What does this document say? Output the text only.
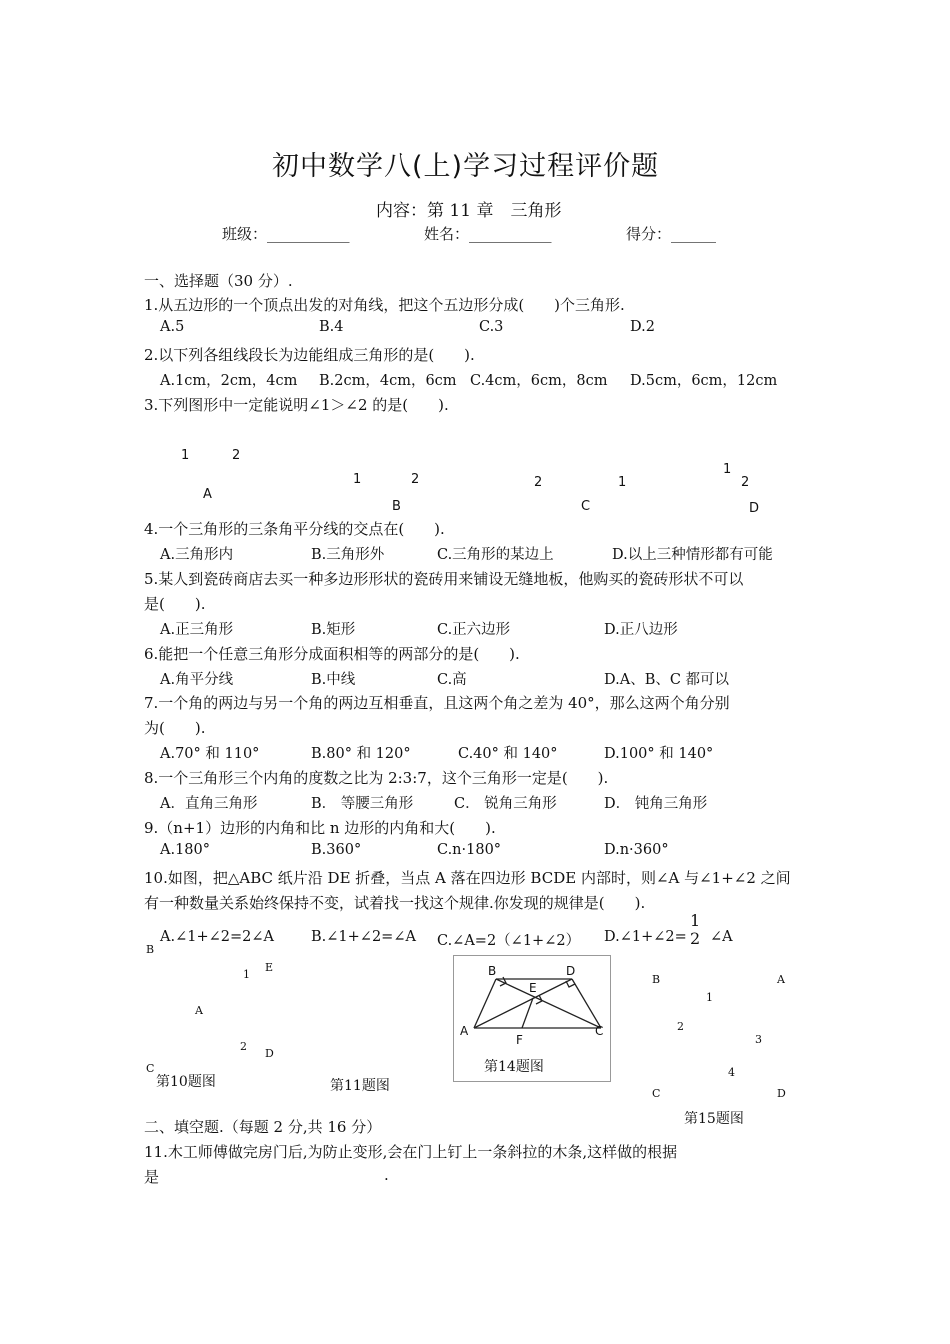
初中数学八(上)学习过程评价题
内容：第 11 章　三角形
班级：___________	姓名：___________	得分：______
一、选择题（30 分）.
1.从五边形的一个顶点出发的对角线，把这个五边形分成(　　)个三角形.
A.5	B.4	C.3	D.2
2.以下列各组线段长为边能组成三角形的是(　　).
A.1cm，2cm，4cm B.2cm，4cm，6cm C.4cm，6cm，8cm D.5cm，6cm，12cm
3.下列图形中一定能说明∠1＞∠2 的是(　　).
1	2
A
1	2
B
2	1
C
1
2
D
4.一个三角形的三条角平分线的交点在(　　).
A.三角形内	B.三角形外	C.三角形的某边上	D.以上三种情形都有可能
5.某人到瓷砖商店去买一种多边形形状的瓷砖用来铺设无缝地板，他购买的瓷砖形状不可以
是(　　).
A.正三角形	B.矩形	C.正六边形	D.正八边形
6.能把一个任意三角形分成面积相等的两部分的是(　　).
A.角平分线	B.中线	C.高	D.A、B、C 都可以
7.一个角的两边与另一个角的两边互相垂直，且这两个角之差为 40°，那么这两个角分别
为(　　).
A.70° 和 110°	B.80° 和 120°	C.40° 和 140°	D.100° 和 140°
8.一个三角形三个内角的度数之比为 2:3:7，这个三角形一定是(　　).
A．直角三角形	B． 等腰三角形	C． 锐角三角形	D． 钝角三角形
9.（n+1）边形的内角和比 n 边形的内角和大(　　).
A.180°	B.360°	C.n·180°	D.n·360°
10.如图，把△ABC 纸片沿 DE 折叠，当点 A 落在四边形 BCDE 内部时，则∠A 与∠1+∠2 之间
有一种数量关系始终保持不变，试着找一找这个规律.你发现的规律是(　　).
A.∠1+∠2=2∠A	B.∠1+∠2=∠A C.∠A=2（∠1+∠2） D.∠1+∠2=
1
2 ∠A
B
E
1
A
2
D
C
第10题图	第11题图
B	D
E
A
F
C
第14题图
B	A
1
2
3
4
C	D
第15题图
二、填空题.（每题 2 分,共 16 分）
11.木工师傅做完房门后,为防止变形,会在门上钉上一条斜拉的木条,这样做的根据
是	.
